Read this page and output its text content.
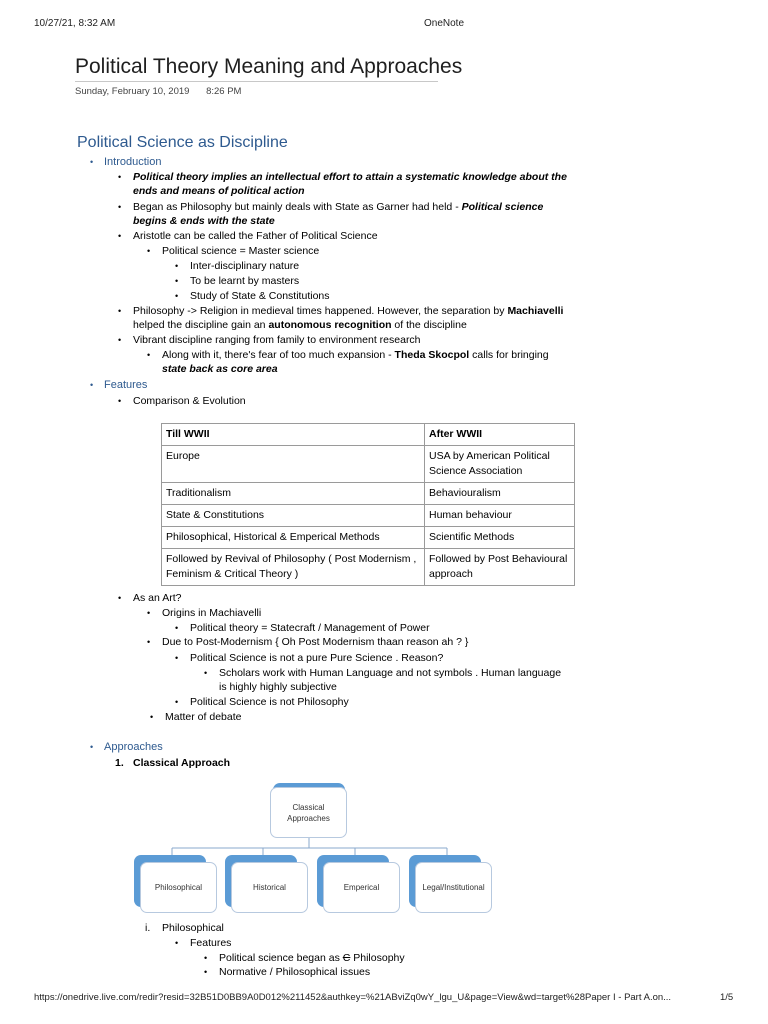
10/27/21, 8:32 AM	OneNote
Political Theory Meaning and Approaches
Sunday, February 10, 2019 8:26 PM
Political Science as Discipline
• Introduction
• Political theory implies an intellectual effort to attain a systematic knowledge about the
ends and means of political action
• Began as Philosophy but mainly deals with State as Garner had held - Political science
begins & ends with the state
• Aristotle can be called the Father of Political Science
• Political science = Master science
• Inter-disciplinary nature
• To be learnt by masters
• Study of State & Constitutions
• Philosophy -> Religion in medieval times happened. However, the separation by Machiavelli
helped the discipline gain an autonomous recognition of the discipline
• Vibrant discipline ranging from family to environment research
• Along with it, there's fear of too much expansion - Theda Skocpol calls for bringing
state back as core area
• Features
• Comparison & Evolution
Till WWII	After WWII
Europe	USA by American Political Science Association
Traditionalism	Behaviouralism
State & Constitutions	Human behaviour
Philosophical, Historical & Emperical Methods	Scientific Methods
Followed by Revival of Philosophy ( Post Modernism , Feminism & Critical Theory )	Followed by Post Behavioural approach
• As an Art?
• Origins in Machiavelli
• Political theory = Statecraft / Management of Power
• Due to Post-Modernism { Oh Post Modernism thaan reason ah ? }
• Political Science is not a pure Pure Science . Reason?
• Scholars work with Human Language and not symbols . Human language
is highly highly subjective
• Political Science is not Philosophy
• Matter of debate
• Approaches
1. Classical Approach
Classical Approaches
Philosophical	Historical	Emperical	Legal/Institutional
i. Philosophical
• Features
• Political science began as C Philosophy
• Normative / Philosophical issues
https://onedrive.live.com/redir?resid=32B51D0BB9A0D012%211452&authkey=%21ABviZq0wY_lgu_U&page=View&wd=target%28Paper I - Part A.on...	1/5
